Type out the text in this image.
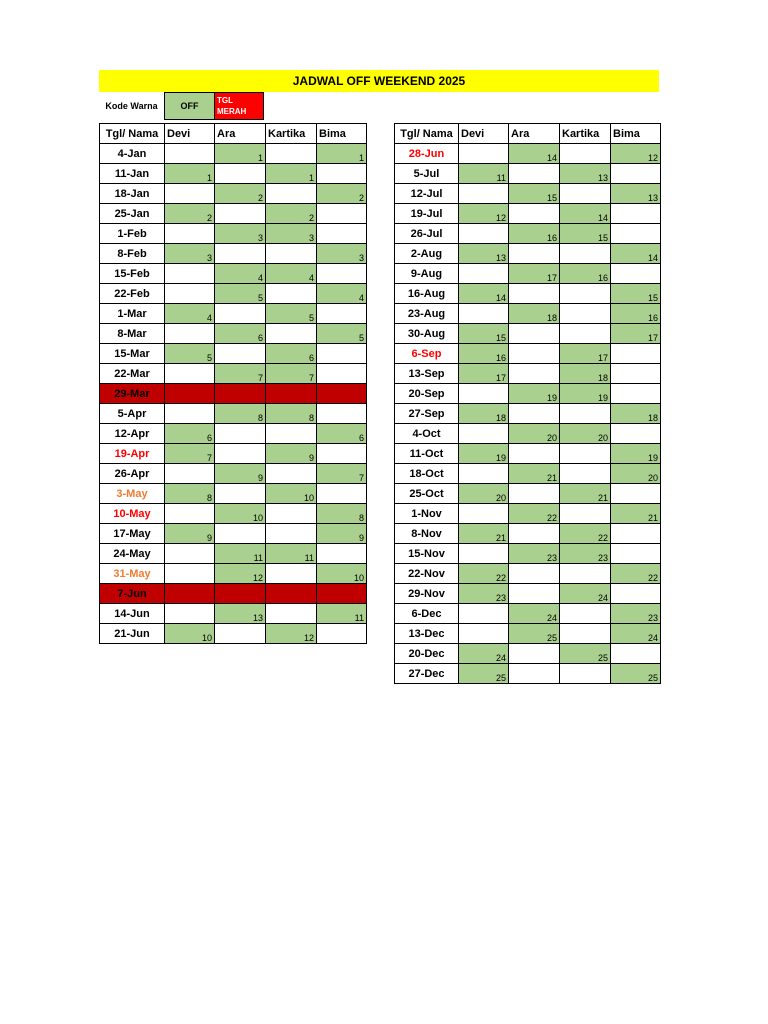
JADWAL OFF WEEKEND 2025
Kode Warna	OFF
TGL MERAH
Tgl/ Nama	Devi	Ara	Kartika	Bima
4-Jan		1		1
11-Jan	1		1	
18-Jan		2		2
25-Jan	2		2	
1-Feb		3	3	
8-Feb	3			3
15-Feb		4	4	
22-Feb		5		4
1-Mar	4		5	
8-Mar		6		5
15-Mar	5		6	
22-Mar		7	7	
29-Mar				
5-Apr		8	8	
12-Apr	6			6
19-Apr	7		9	
26-Apr		9		7
3-May	8		10	
10-May		10		8
17-May	9			9
24-May		11	11	
31-May		12		10
7-Jun				
14-Jun		13		11
21-Jun	10		12	
Tgl/ Nama	Devi	Ara	Kartika	Bima
28-Jun		14		12
5-Jul	11		13	
12-Jul		15		13
19-Jul	12		14	
26-Jul		16	15	
2-Aug	13			14
9-Aug		17	16	
16-Aug	14			15
23-Aug		18		16
30-Aug	15			17
6-Sep	16		17	
13-Sep	17		18	
20-Sep		19	19	
27-Sep	18			18
4-Oct		20	20	
11-Oct	19			19
18-Oct		21		20
25-Oct	20		21	
1-Nov		22		21
8-Nov	21		22	
15-Nov		23	23	
22-Nov	22			22
29-Nov	23		24	
6-Dec		24		23
13-Dec		25		24
20-Dec	24		25	
27-Dec	25			25
